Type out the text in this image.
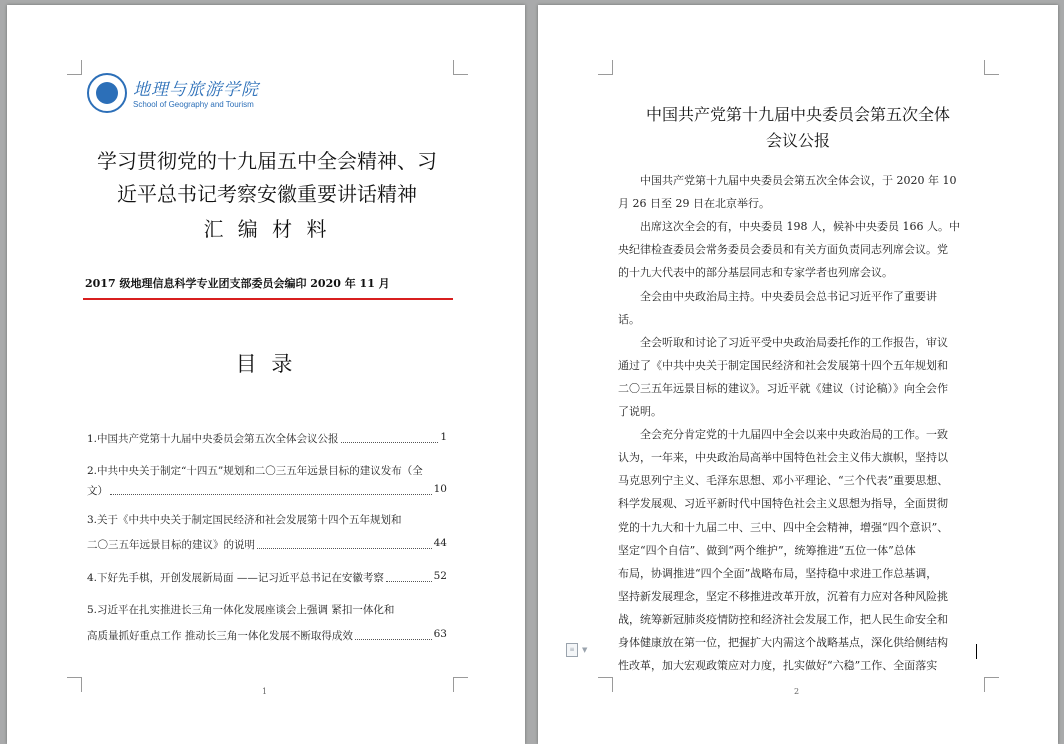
地理与旅游学院
School of Geography and Tourism
学习贯彻党的十九届五中全会精神、习
近平总书记考察安徽重要讲话精神
汇 编 材 料
2017 级地理信息科学专业团支部委员会编印 2020 年 11 月
目 录
1.中国共产党第十九届中央委员会第五次全体会议公报	1
2.中共中央关于制定“十四五”规划和二〇三五年远景目标的建议发布（全
文）	10
3.关于《中共中央关于制定国民经济和社会发展第十四个五年规划和
二〇三五年远景目标的建议》的说明	44
4.下好先手棋，开创发展新局面 ——记习近平总书记在安徽考察	52
5.习近平在扎实推进长三角一体化发展座谈会上强调 紧扣一体化和
高质量抓好重点工作 推动长三角一体化发展不断取得成效	63
1
中国共产党第十九届中央委员会第五次全体
会议公报
中国共产党第十九届中央委员会第五次全体会议，于 2020 年 10
月 26 日至 29 日在北京举行。
出席这次全会的有，中央委员 198 人，候补中央委员 166 人。中
央纪律检查委员会常务委员会委员和有关方面负责同志列席会议。党
的十九大代表中的部分基层同志和专家学者也列席会议。
全会由中央政治局主持。中央委员会总书记习近平作了重要讲
话。
全会听取和讨论了习近平受中央政治局委托作的工作报告，审议
通过了《中共中央关于制定国民经济和社会发展第十四个五年规划和
二〇三五年远景目标的建议》。习近平就《建议（讨论稿）》向全会作
了说明。
全会充分肯定党的十九届四中全会以来中央政治局的工作。一致
认为，一年来，中央政治局高举中国特色社会主义伟大旗帜，坚持以
马克思列宁主义、毛泽东思想、邓小平理论、“三个代表”重要思想、
科学发展观、习近平新时代中国特色社会主义思想为指导，全面贯彻
党的十九大和十九届二中、三中、四中全会精神，增强“四个意识”、
坚定“四个自信”、做到“两个维护”，统筹推进“五位一体”总体
布局，协调推进“四个全面”战略布局，坚持稳中求进工作总基调，
坚持新发展理念，坚定不移推进改革开放，沉着有力应对各种风险挑
战，统筹新冠肺炎疫情防控和经济社会发展工作，把人民生命安全和
身体健康放在第一位，把握扩大内需这个战略基点，深化供给侧结构
性改革，加大宏观政策应对力度，扎实做好“六稳”工作、全面落实
≡	▼
2
